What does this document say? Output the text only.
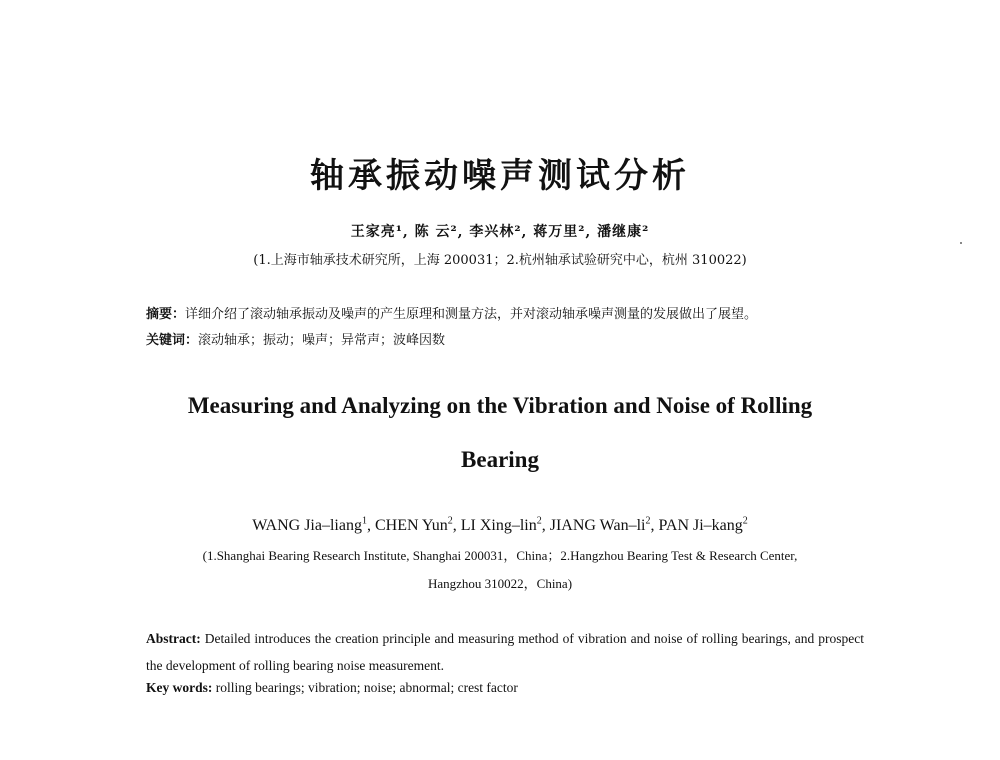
轴承振动噪声测试分析
王家亮¹, 陈 云², 李兴林², 蒋万里², 潘继康²
(1.上海市轴承技术研究所，上海 200031；2.杭州轴承试验研究中心，杭州 310022)
摘要：详细介绍了滚动轴承振动及噪声的产生原理和测量方法，并对滚动轴承噪声测量的发展做出了展望。
关键词：滚动轴承；振动；噪声；异常声；波峰因数
Measuring and Analyzing on the Vibration and Noise of Rolling
Bearing
WANG Jia–liang$^1$, CHEN Yun$^2$, LI Xing–lin$^2$, JIANG Wan–$li^2$, PAN Ji–kang$^2$
(1.Shanghai Bearing Research Institute, Shanghai 200031，China；2.Hangzhou Bearing Test & Research Center,
Hangzhou 310022，China)
Abstract: Detailed introduces the creation principle and measuring method of vibration and noise of rolling bearings, and prospect the development of rolling bearing noise measurement.
Key words: rolling bearings; vibration; noise; abnormal; crest factor
